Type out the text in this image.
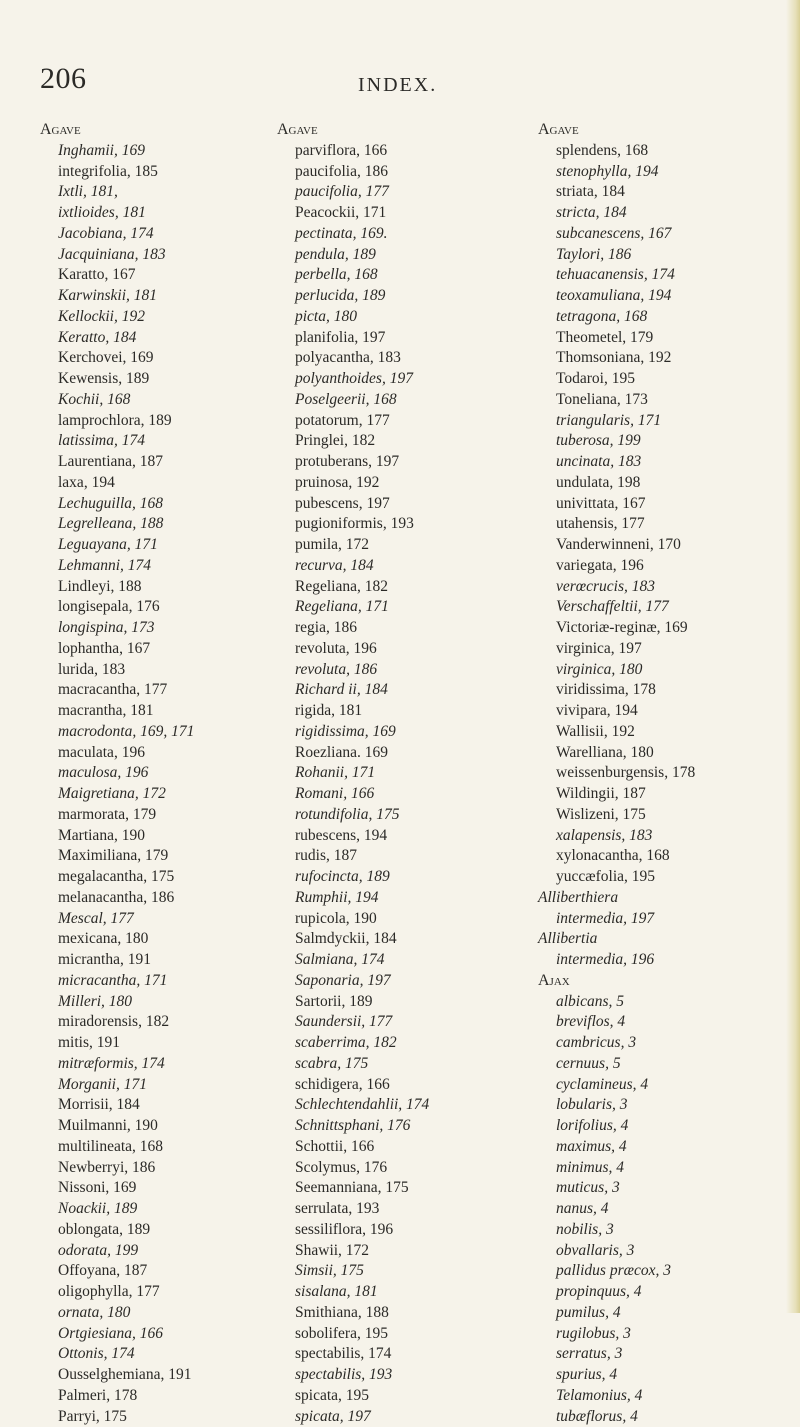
206	INDEX.
Agave
Inghamii, 169
integrifolia, 185
Ixtli, 181,
ixtlioides, 181
Jacobiana, 174
Jacquiniana, 183
Karatto, 167
Karwinskii, 181
Kellockii, 192
Keratto, 184
Kerchovei, 169
Kewensis, 189
Kochii, 168
lamprochlora, 189
latissima, 174
Laurentiana, 187
laxa, 194
Lechuguilla, 168
Legrelleana, 188
Leguayana, 171
Lehmanni, 174
Lindleyi, 188
longisepala, 176
longispina, 173
lophantha, 167
lurida, 183
macracantha, 177
macrantha, 181
macrodonta, 169, 171
maculata, 196
maculosa, 196
Maigretiana, 172
marmorata, 179
Martiana, 190
Maximiliana, 179
megalacantha, 175
melanacantha, 186
Mescal, 177
mexicana, 180
micrantha, 191
micracantha, 171
Milleri, 180
miradorensis, 182
mitis, 191
mitræformis, 174
Morganii, 171
Morrisii, 184
Muilmanni, 190
multilineata, 168
Newberryi, 186
Nissoni, 169
Noackii, 189
oblongata, 189
odorata, 199
Offoyana, 187
oligophylla, 177
ornata, 180
Ortgiesiana, 166
Ottonis, 174
Ousselghemiana, 191
Palmeri, 178
Parryi, 175
Agave
parviflora, 166
paucifolia, 186
paucifolia, 177
Peacockii, 171
pectinata, 169.
pendula, 189
perbella, 168
perlucida, 189
picta, 180
planifolia, 197
polyacantha, 183
polyanthoides, 197
Poselgeerii, 168
potatorum, 177
Pringlei, 182
protuberans, 197
pruinosa, 192
pubescens, 197
pugioniformis, 193
pumila, 172
recurva, 184
Regeliana, 182
Regeliana, 171
regia, 186
revoluta, 196
revoluta, 186
Richard ii, 184
rigida, 181
rigidissima, 169
Roezliana. 169
Rohanii, 171
Romani, 166
rotundifolia, 175
rubescens, 194
rudis, 187
rufocincta, 189
Rumphii, 194
rupicola, 190
Salmdyckii, 184
Salmiana, 174
Saponaria, 197
Sartorii, 189
Saundersii, 177
scaberrima, 182
scabra, 175
schidigera, 166
Schlechtendahlii, 174
Schnittsphani, 176
Schottii, 166
Scolymus, 176
Seemanniana, 175
serrulata, 193
sessiliflora, 196
Shawii, 172
Simsii, 175
sisalana, 181
Smithiana, 188
sobolifera, 195
spectabilis, 174
spectabilis, 193
spicata, 195
spicata, 197
Agave
splendens, 168
stenophylla, 194
striata, 184
stricta, 184
subcanescens, 167
Taylori, 186
tehuacanensis, 174
teoxamuliana, 194
tetragona, 168
Theometel, 179
Thomsoniana, 192
Todaroi, 195
Toneliana, 173
triangularis, 171
tuberosa, 199
uncinata, 183
undulata, 198
univittata, 167
utahensis, 177
Vanderwinneni, 170
variegata, 196
verœcrucis, 183
Verschaffeltii, 177
Victoriæ-reginæ, 169
virginica, 197
virginica, 180
viridissima, 178
vivipara, 194
Wallisii, 192
Warelliana, 180
weissenburgensis, 178
Wildingii, 187
Wislizeni, 175
xalapensis, 183
xylonacantha, 168
yuccæfolia, 195
Alliberthiera
intermedia, 197
Allibertia
intermedia, 196
Ajax
albicans, 5
breviflos, 4
cambricus, 3
cernuus, 5
cyclamineus, 4
lobularis, 3
lorifolius, 4
maximus, 4
minimus, 4
muticus, 3
nanus, 4
nobilis, 3
obvallaris, 3
pallidus præcox, 3
propinquus, 4
pumilus, 4
rugilobus, 3
serratus, 3
spurius, 4
Telamonius, 4
tubæflorus, 4
